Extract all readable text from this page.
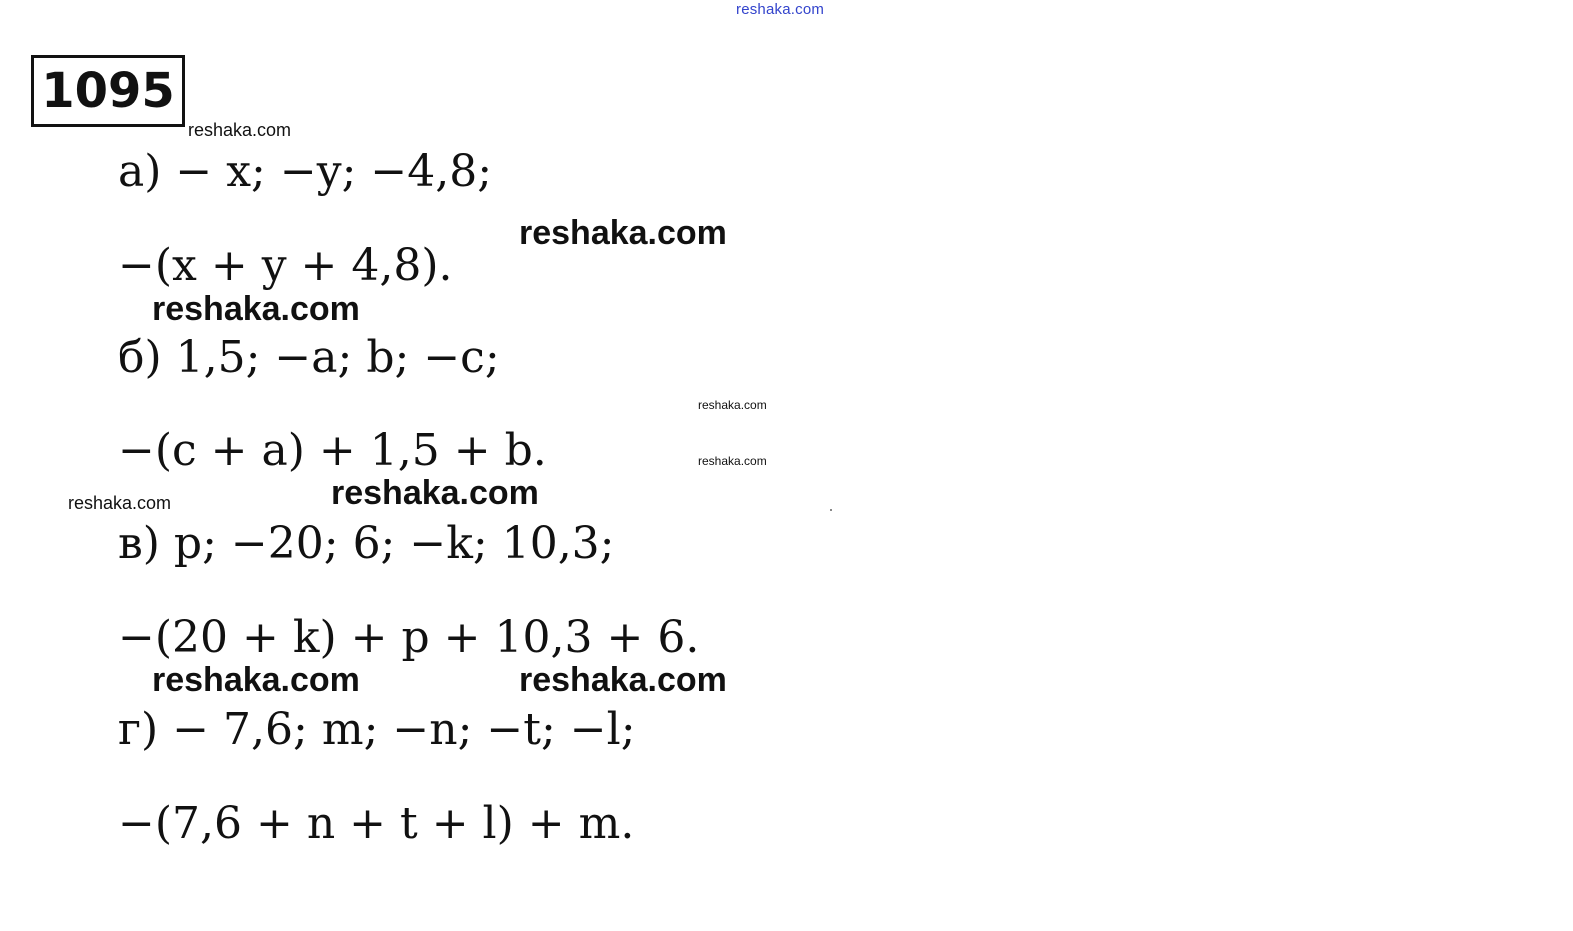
reshaka.com
1095
reshaka.com
а) − x; −y; −4,8;
reshaka.com
−(x + y + 4,8).
reshaka.com
б) 1,5; −a; b; −c;
reshaka.com
−(c + a) + 1,5 + b.	reshaka.com
reshaka.com
reshaka.com
в) p; −20; 6; −k; 10,3;
−(20 + k) + p + 10,3 + 6.
reshaka.com	reshaka.com
г) − 7,6; m; −n; −t; −l;
−(7,6 + n + t + l) + m.
